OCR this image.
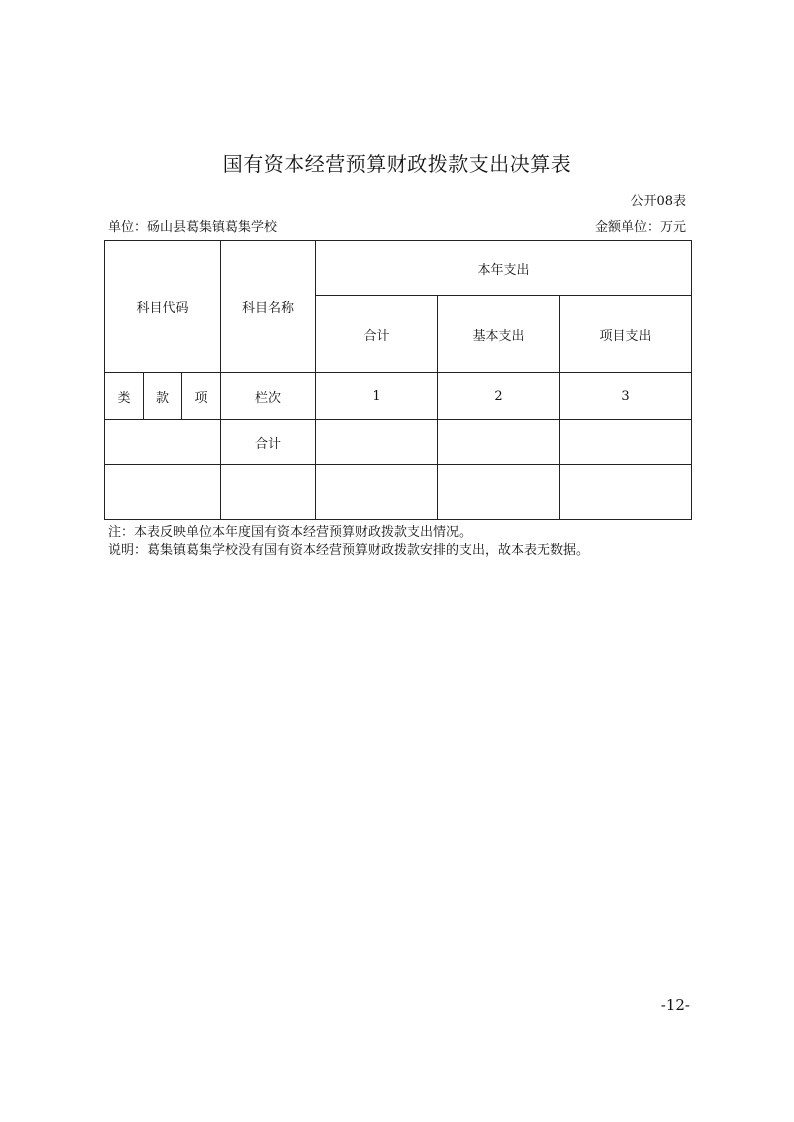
国有资本经营预算财政拨款支出决算表
公开08表
单位：砀山县葛集镇葛集学校	金额单位：万元
科目代码			科目名称	本年支出		
				合计	基本支出	项目支出
类	款	项	栏次	1	2	3
			合计			

注：本表反映单位本年度国有资本经营预算财政拨款支出情况。
说明：葛集镇葛集学校没有国有资本经营预算财政拨款安排的支出，故本表无数据。
-12-
